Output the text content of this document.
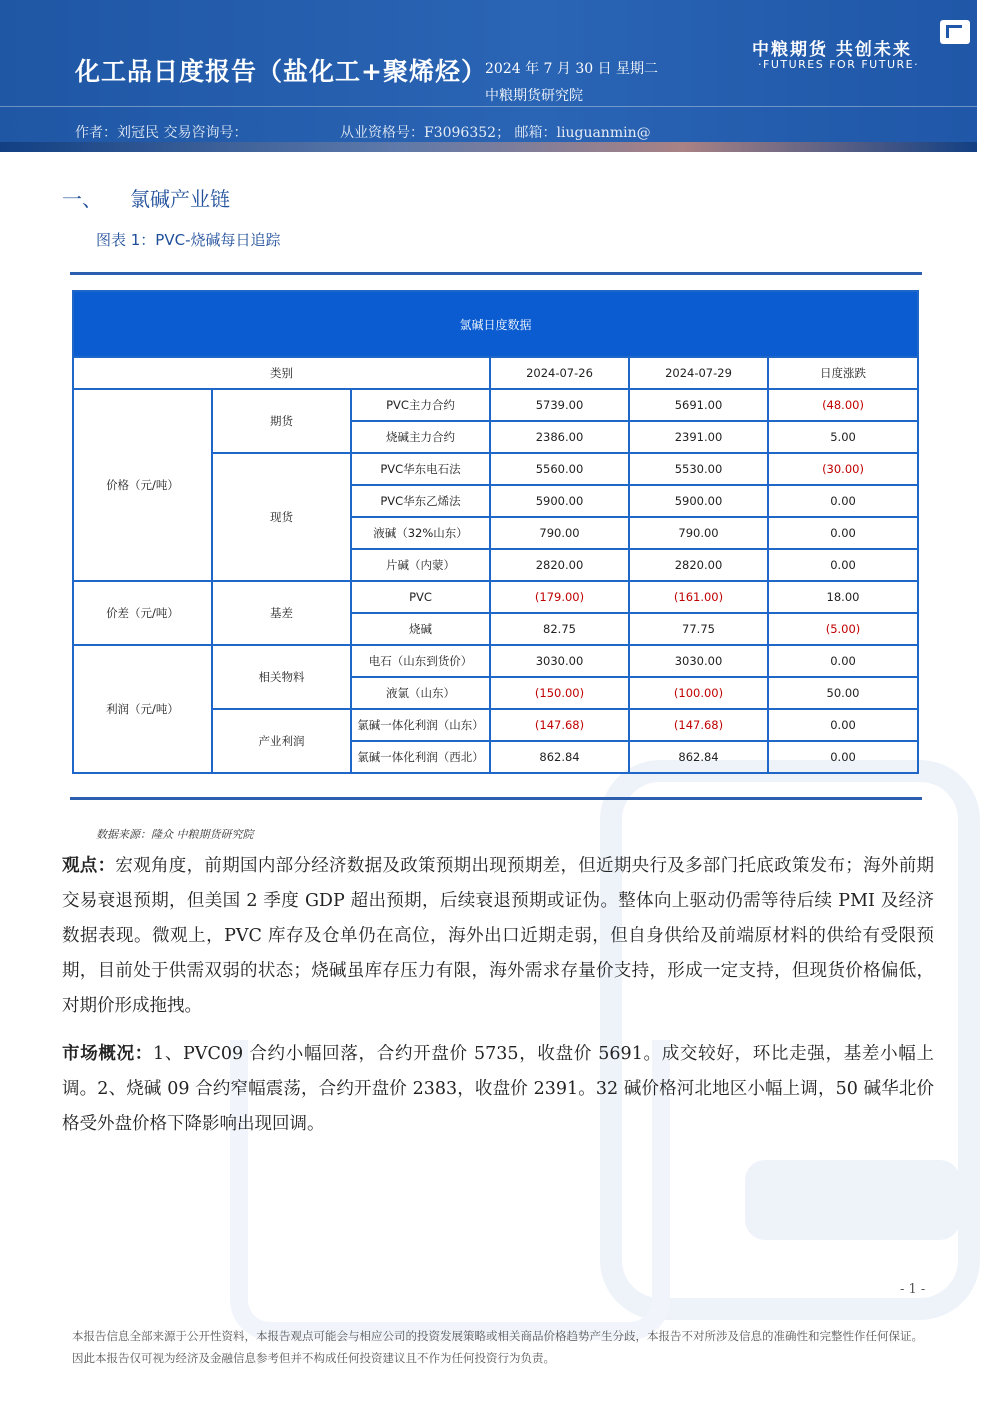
化工品日度报告（盐化工+聚烯烃）
2024 年 7 月 30 日 星期二
中粮期货研究院
作者：刘冠民 交易咨询号：	从业资格号：F3096352； 邮箱：liuguanmin@
中粮期货 共创未来
·FUTURES FOR FUTURE·
一、 氯碱产业链
图表 1：PVC-烧碱每日追踪
氯碱日度数据					
类别			2024-07-26	2024-07-29	日度涨跌
价格（元/吨）	期货	PVC主力合约	5739.00	5691.00	(48.00)
		烧碱主力合约	2386.00	2391.00	5.00
	现货	PVC华东电石法	5560.00	5530.00	(30.00)
		PVC华东乙烯法	5900.00	5900.00	0.00
		液碱（32%山东）	790.00	790.00	0.00
		片碱（内蒙）	2820.00	2820.00	0.00
价差（元/吨）	基差	PVC	(179.00)	(161.00)	18.00
		烧碱	82.75	77.75	(5.00)
利润（元/吨）	相关物料	电石（山东到货价）	3030.00	3030.00	0.00
		液氯（山东）	(150.00)	(100.00)	50.00
	产业利润	氯碱一体化利润（山东）	(147.68)	(147.68)	0.00
		氯碱一体化利润（西北）	862.84	862.84	0.00
数据来源：隆众 中粮期货研究院
观点：宏观角度，前期国内部分经济数据及政策预期出现预期差，但近期央行及多部门托底政策发布；海外前期交易衰退预期，但美国 2 季度 GDP 超出预期，后续衰退预期或证伪。整体向上驱动仍需等待后续 PMI 及经济数据表现。微观上，PVC 库存及仓单仍在高位，海外出口近期走弱，但自身供给及前端原材料的供给有受限预期，目前处于供需双弱的状态；烧碱虽库存压力有限，海外需求存量价支持，形成一定支持，但现货价格偏低，对期价形成拖拽。
市场概况：1、PVC09 合约小幅回落，合约开盘价 5735，收盘价 5691。成交较好，环比走强，基差小幅上调。2、烧碱 09 合约窄幅震荡，合约开盘价 2383，收盘价 2391。32 碱价格河北地区小幅上调，50 碱华北价格受外盘价格下降影响出现回调。
- 1 -
本报告信息全部来源于公开性资料，本报告观点可能会与相应公司的投资发展策略或相关商品价格趋势产生分歧，本报告不对所涉及信息的准确性和完整性作任何保证。因此本报告仅可视为经济及金融信息参考但并不构成任何投资建议且不作为任何投资行为负责。
